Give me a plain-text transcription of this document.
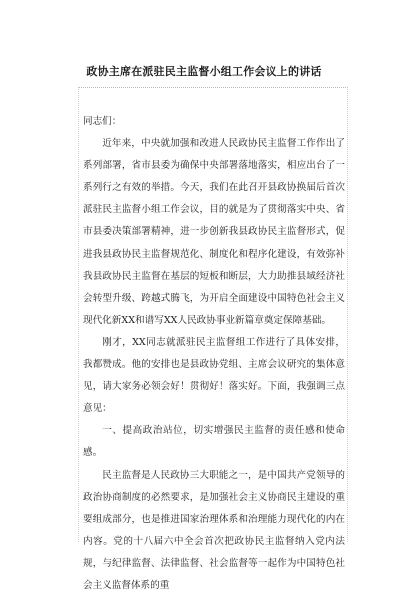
政协主席在派驻民主监督小组工作会议上的讲话

同志们：

近年来，中央就加强和改进人民政协民主监督工作作出了系列部署，省市县委为确保中央部署落地落实，相应出台了一系列行之有效的举措。今天，我们在此召开县政协换届后首次派驻民主监督小组工作会议，目的就是为了贯彻落实中央、省市县委决策部署精神，进一步创新我县政协民主监督形式，促进我县政协民主监督规范化、制度化和程序化建设，有效弥补我县政协民主监督在基层的短板和断层，大力助推县域经济社会转型升级、跨越式腾飞，为开启全面建设中国特色社会主义现代化新XX和谱写XX人民政协事业新篇章奠定保障基础。

刚才，XX同志就派驻民主监督组工作进行了具体安排，我都赞成。他的安排也是县政协党组、主席会议研究的集体意见，请大家务必领会好！贯彻好！落实好。下面，我强调三点意见：

一、提高政治站位，切实增强民主监督的责任感和使命感。

民主监督是人民政协三大职能之一，是中国共产党领导的政治协商制度的必然要求，是加强社会主义协商民主建设的重要组成部分，也是推进国家治理体系和治理能力现代化的内在内容。党的十八届六中全会首次把政协民主监督纳入党内法规，与纪律监督、法律监督、社会监督等一起作为中国特色社会主义监督体系的重
